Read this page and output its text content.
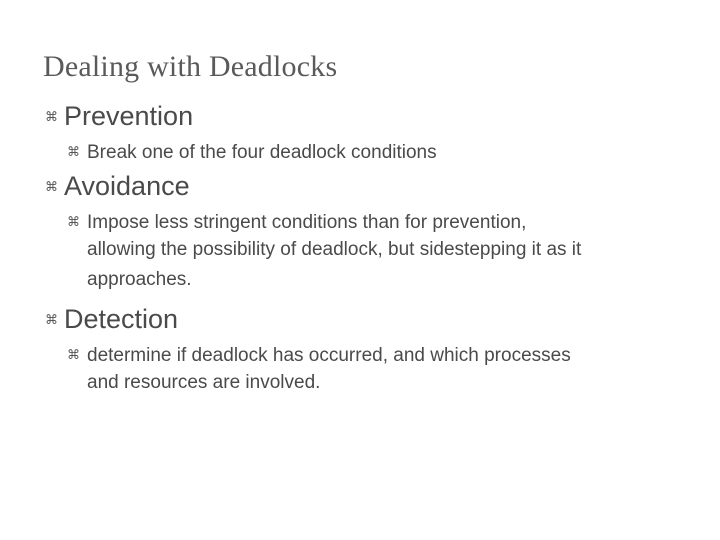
Dealing with Deadlocks
⌘ Prevention
⌘ Break one of the four deadlock conditions

⌘ Avoidance
⌘ Impose less stringent conditions than for prevention,

allowing the possibility of deadlock, but sidestepping it as it

approaches.

⌘ Detection
⌘ determine if deadlock has occurred, and which processes

and resources are involved.
